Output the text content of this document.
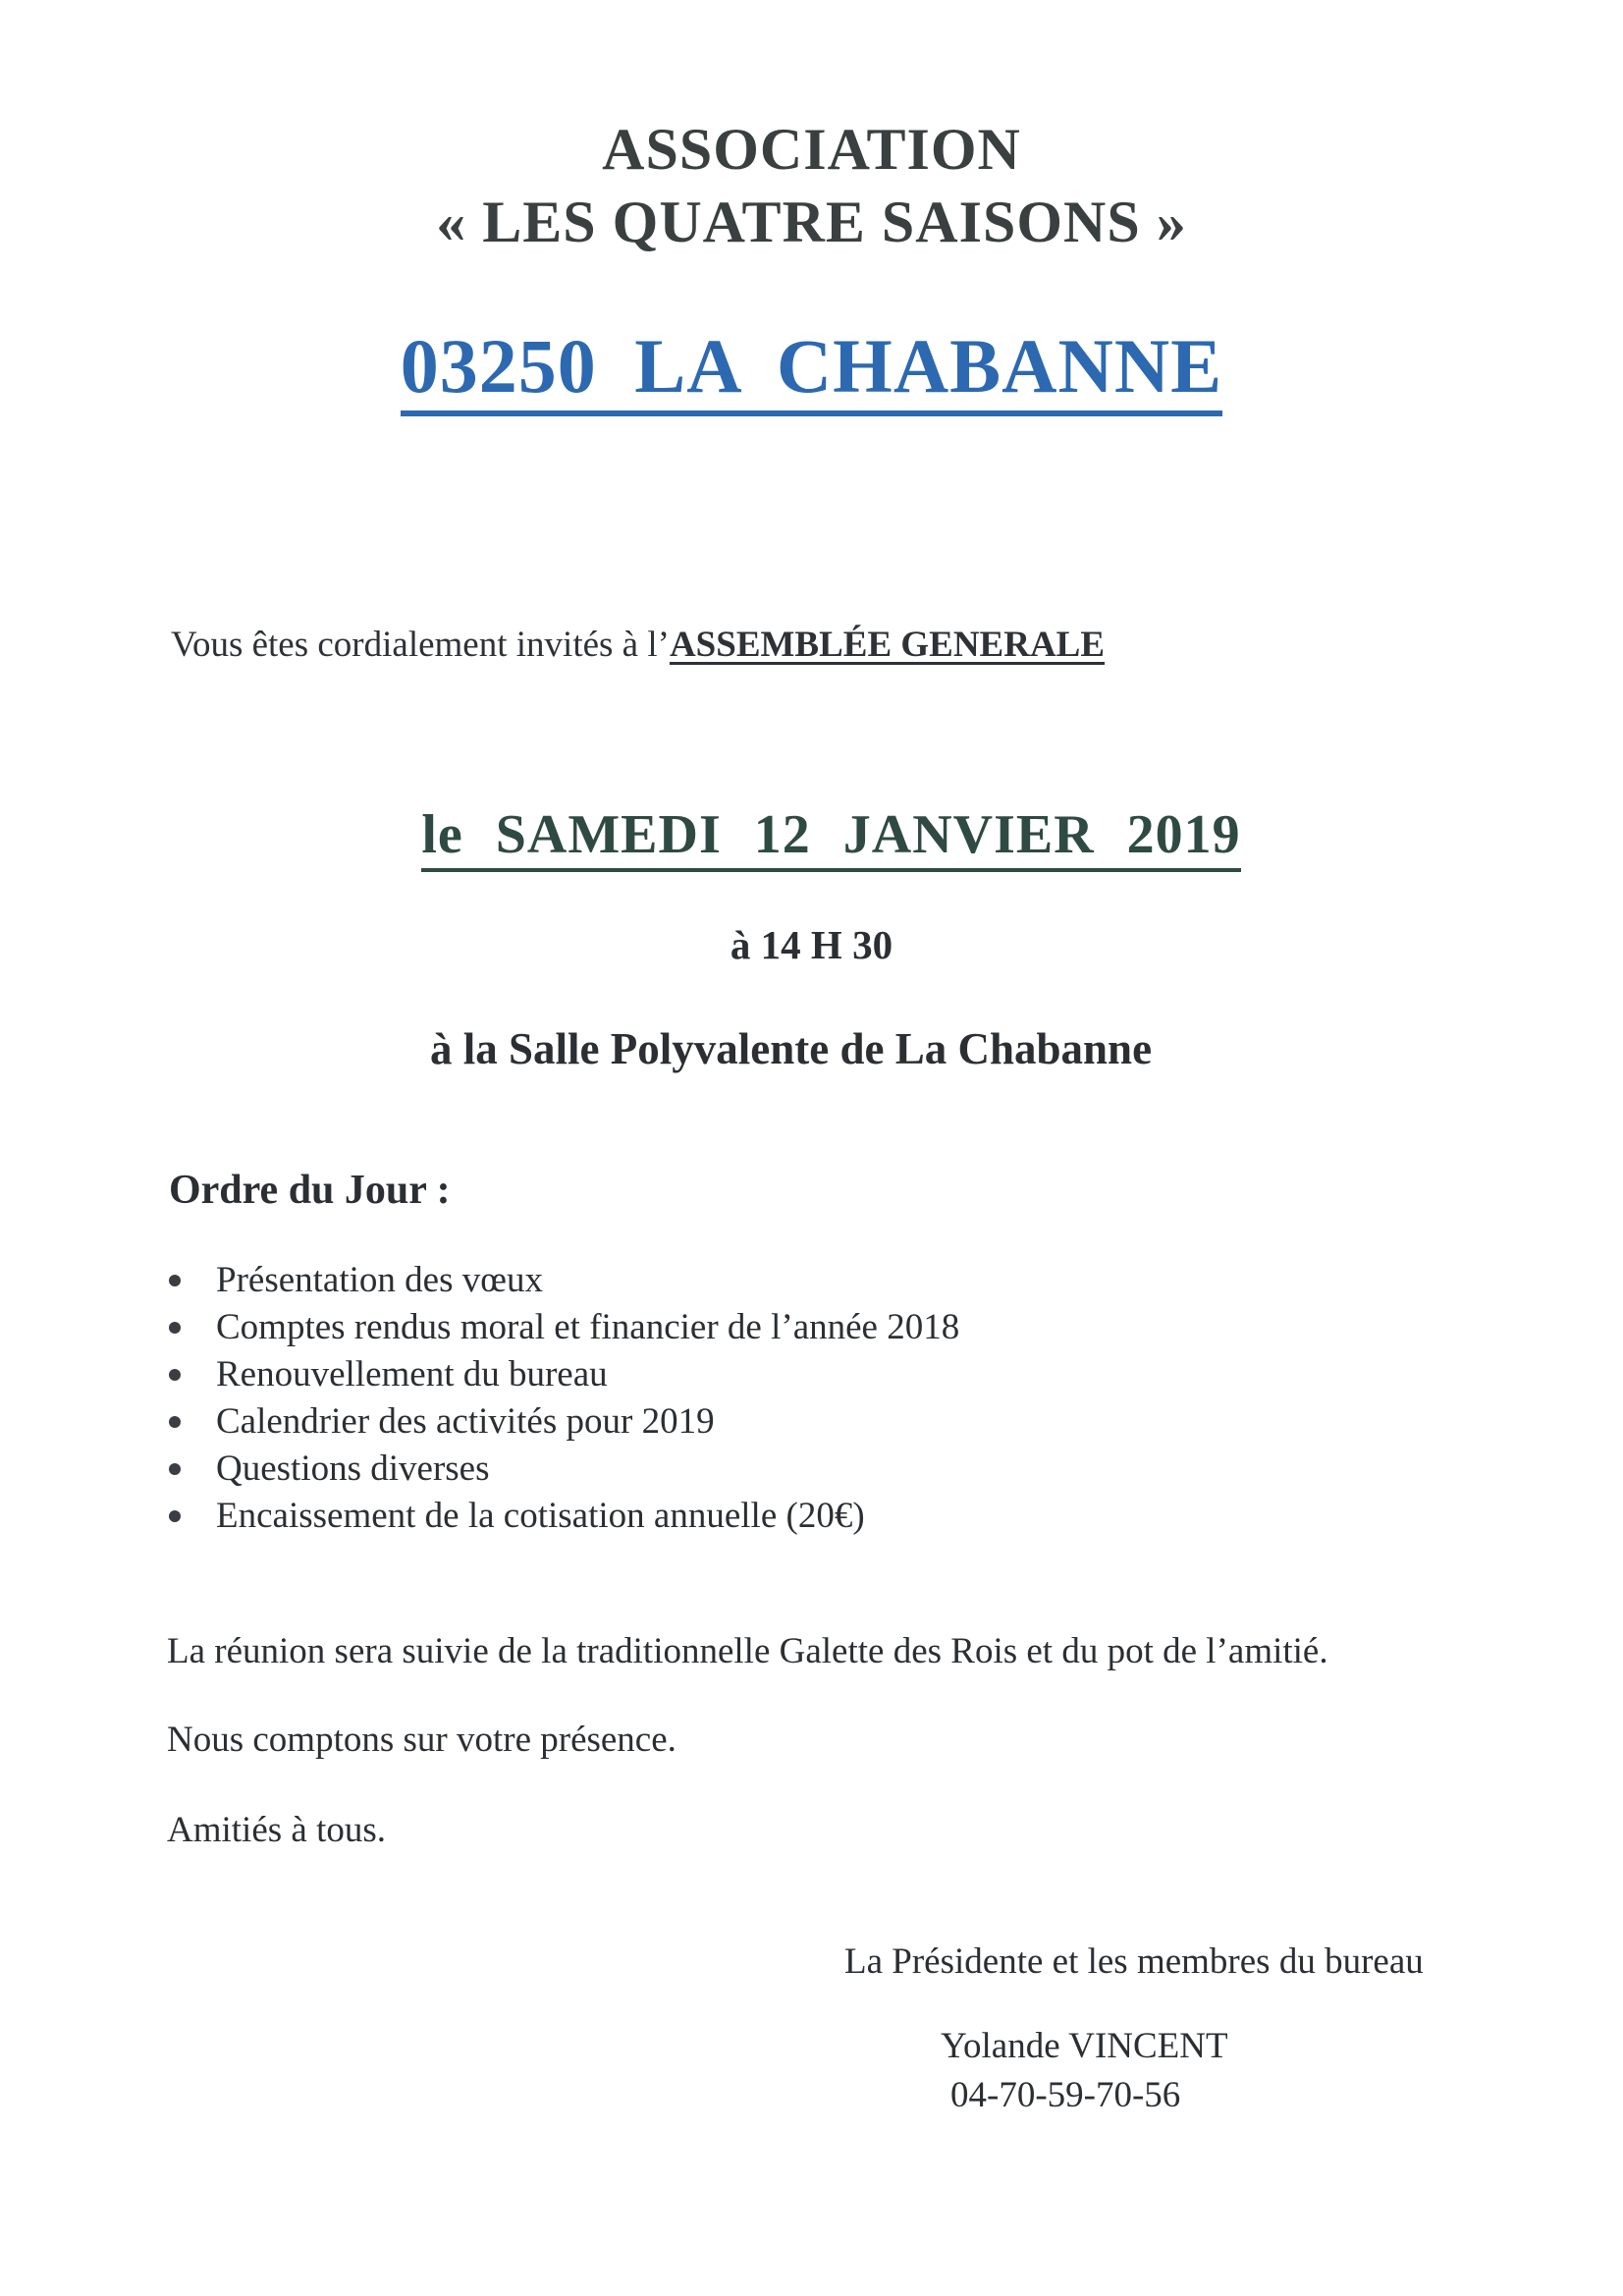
ASSOCIATION
« LES QUATRE SAISONS »
03250 LA CHABANNE
Vous êtes cordialement invités à l’ASSEMBLÉE GENERALE
le SAMEDI 12 JANVIER 2019
à 14 H 30
à la Salle Polyvalente de La Chabanne
Ordre du Jour :
Présentation des vœux
Comptes rendus moral et financier de l’année 2018
Renouvellement du bureau
Calendrier des activités pour 2019
Questions diverses
Encaissement de la cotisation annuelle (20€)
La réunion sera suivie de la traditionnelle Galette des Rois et du pot de l’amitié.
Nous comptons sur votre présence.
Amitiés à tous.
La Présidente et les membres du bureau
Yolande VINCENT
04-70-59-70-56
